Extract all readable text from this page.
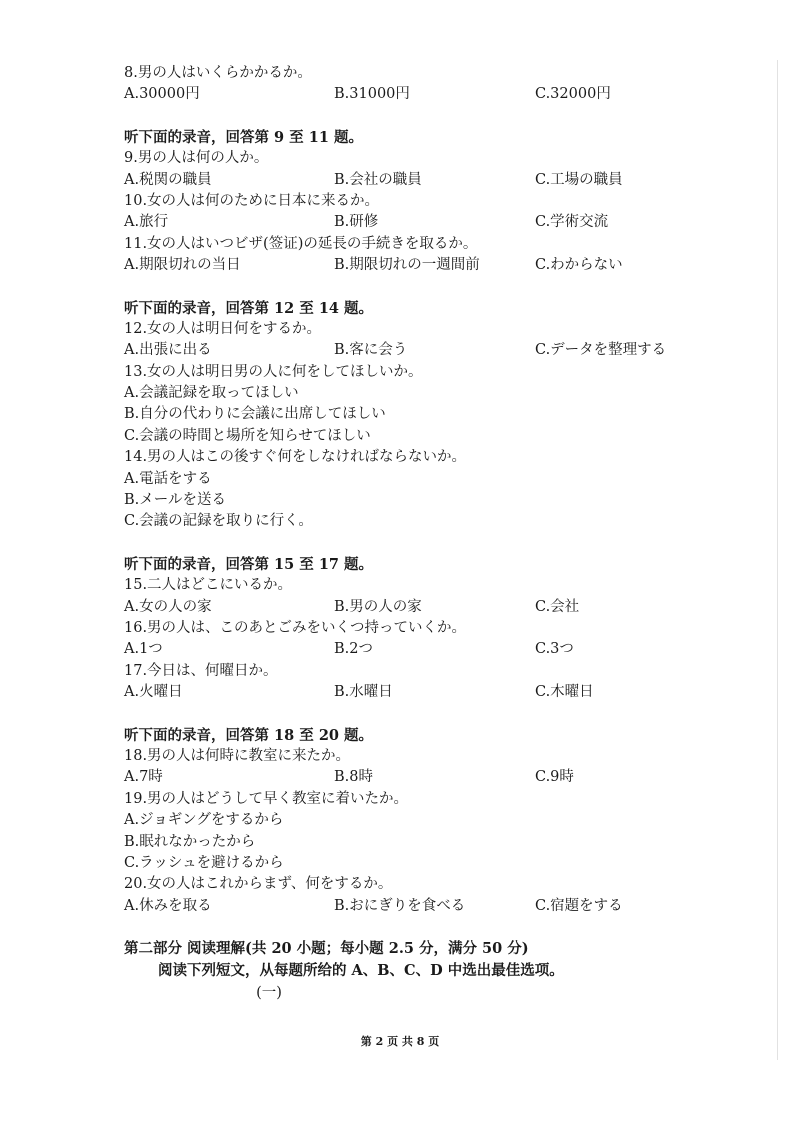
8.男の人はいくらかかるか。
A.30000円	B.31000円	C.32000円
听下面的录音，回答第 9 至 11 题。
9.男の人は何の人か。
A.税関の職員	B.会社の職員	C.工場の職員
10.女の人は何のために日本に来るか。
A.旅行	B.研修	C.学術交流
11.女の人はいつビザ(签证)の延長の手続きを取るか。
A.期限切れの当日	B.期限切れの一週間前	C.わからない
听下面的录音，回答第 12 至 14 题。
12.女の人は明日何をするか。
A.出張に出る	B.客に会う	C.データを整理する
13.女の人は明日男の人に何をしてほしいか。
A.会議記録を取ってほしい
B.自分の代わりに会議に出席してほしい
C.会議の時間と場所を知らせてほしい
14.男の人はこの後すぐ何をしなければならないか。
A.電話をする
B.メールを送る
C.会議の記録を取りに行く。
听下面的录音，回答第 15 至 17 题。
15.二人はどこにいるか。
A.女の人の家	B.男の人の家	C.会社
16.男の人は、このあとごみをいくつ持っていくか。
A.1つ	B.2つ	C.3つ
17.今日は、何曜日か。
A.火曜日	B.水曜日	C.木曜日
听下面的录音，回答第 18 至 20 题。
18.男の人は何時に教室に来たか。
A.7時	B.8時	C.9時
19.男の人はどうして早く教室に着いたか。
A.ジョギングをするから
B.眠れなかったから
C.ラッシュを避けるから
20.女の人はこれからまず、何をするか。
A.休みを取る	B.おにぎりを食べる	C.宿題をする
第二部分 阅读理解(共 20 小题；每小题 2.5 分，满分 50 分)
阅读下列短文，从每题所给的 A、B、C、D 中选出最佳选项。
(一)
第 2 页 共 8 页
